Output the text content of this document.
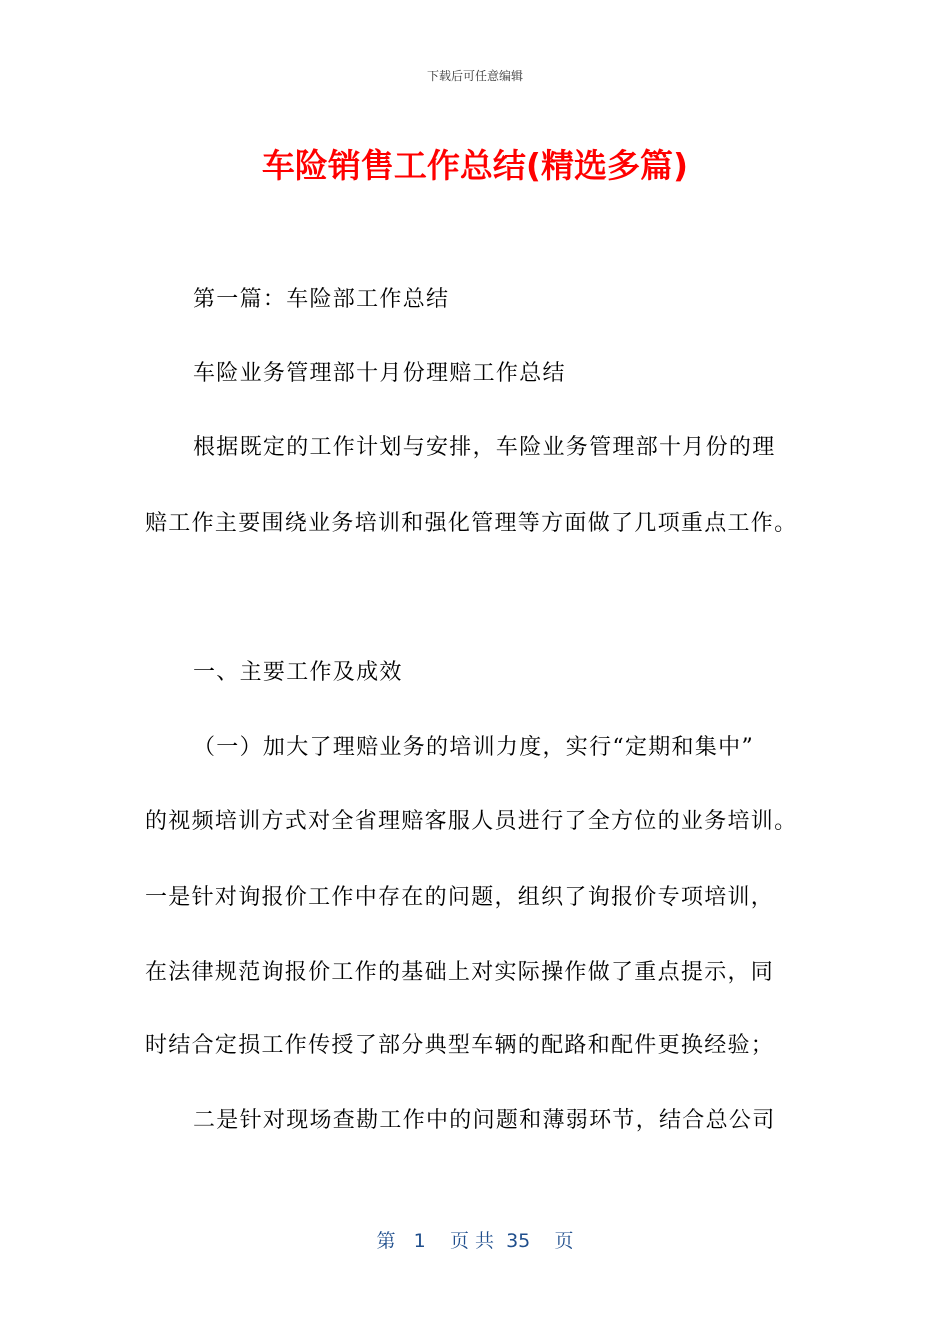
下载后可任意编辑
车险销售工作总结(精选多篇)
第一篇：车险部工作总结
车险业务管理部十月份理赔工作总结
根据既定的工作计划与安排，车险业务管理部十月份的理
赔工作主要围绕业务培训和强化管理等方面做了几项重点工作。
一、主要工作及成效
（一）加大了理赔业务的培训力度，实行“定期和集中”
的视频培训方式对全省理赔客服人员进行了全方位的业务培训。
一是针对询报价工作中存在的问题，组织了询报价专项培训，
在法律规范询报价工作的基础上对实际操作做了重点提示，同
时结合定损工作传授了部分典型车辆的配路和配件更换经验；
二是针对现场查勘工作中的问题和薄弱环节，结合总公司
第 1 页 共 35 页
